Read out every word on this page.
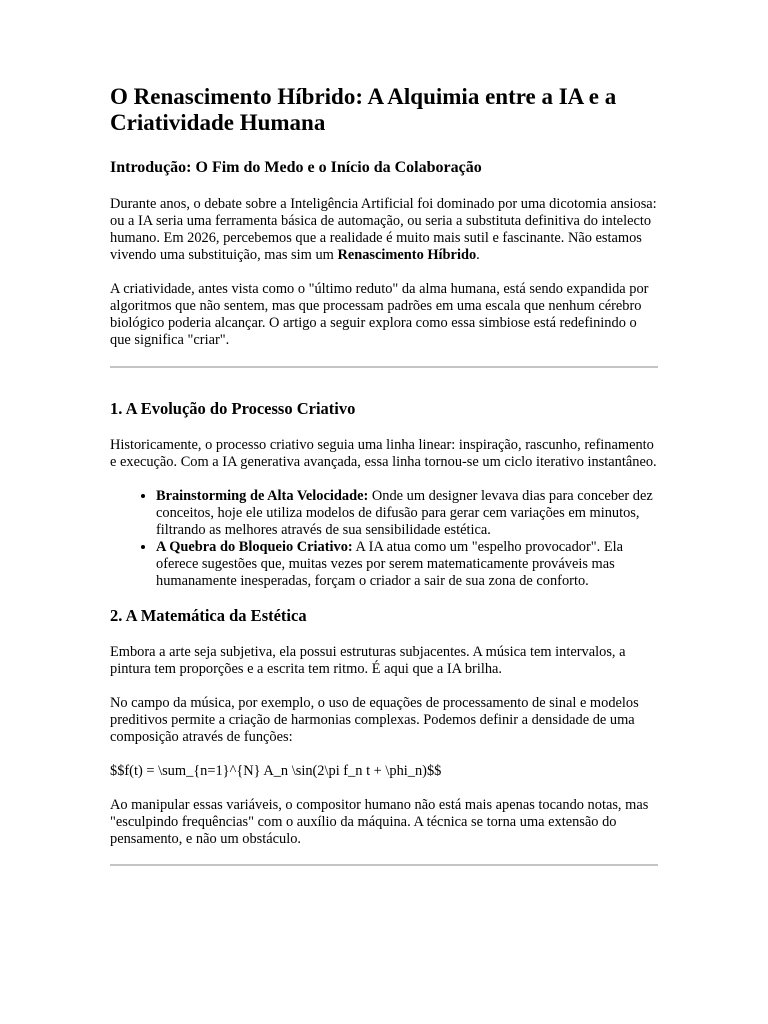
O Renascimento Híbrido: A Alquimia entre a IA e a Criatividade Humana
Introdução: O Fim do Medo e o Início da Colaboração

Durante anos, o debate sobre a Inteligência Artificial foi dominado por uma dicotomia ansiosa: ou a IA seria uma ferramenta básica de automação, ou seria a substituta definitiva do intelecto humano. Em 2026, percebemos que a realidade é muito mais sutil e fascinante. Não estamos vivendo uma substituição, mas sim um Renascimento Híbrido.

A criatividade, antes vista como o "último reduto" da alma humana, está sendo expandida por algoritmos que não sentem, mas que processam padrões em uma escala que nenhum cérebro biológico poderia alcançar. O artigo a seguir explora como essa simbiose está redefinindo o que significa "criar".

1. A Evolução do Processo Criativo

Historicamente, o processo criativo seguia uma linha linear: inspiração, rascunho, refinamento e execução. Com a IA generativa avançada, essa linha tornou-se um ciclo iterativo instantâneo.

• Brainstorming de Alta Velocidade: Onde um designer levava dias para conceber dez conceitos, hoje ele utiliza modelos de difusão para gerar cem variações em minutos, filtrando as melhores através de sua sensibilidade estética.
• A Quebra do Bloqueio Criativo: A IA atua como um "espelho provocador". Ela oferece sugestões que, muitas vezes por serem matematicamente prováveis mas humanamente inesperadas, forçam o criador a sair de sua zona de conforto.
2. A Matemática da Estética

Embora a arte seja subjetiva, ela possui estruturas subjacentes. A música tem intervalos, a pintura tem proporções e a escrita tem ritmo. É aqui que a IA brilha.

No campo da música, por exemplo, o uso de equações de processamento de sinal e modelos preditivos permite a criação de harmonias complexas. Podemos definir a densidade de uma composição através de funções:

$$f(t) = \sum_{n=1}^{N} A_n \sin(2\pi f_n t + \phi_n)$$

Ao manipular essas variáveis, o compositor humano não está mais apenas tocando notas, mas "esculpindo frequências" com o auxílio da máquina. A técnica se torna uma extensão do pensamento, e não um obstáculo.
